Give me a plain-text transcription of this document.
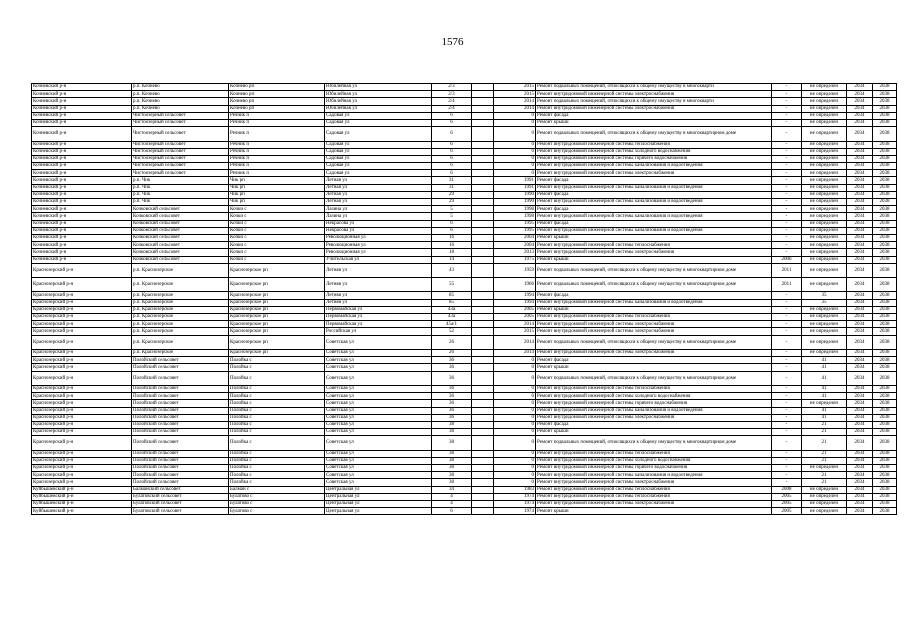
1576
Кочневский р-н	р.п. Кочнево	Кочнево рп	Юбилейная ул	2/3		2015	Ремонт подвальных помещений, относящихся к общему имуществу в многокварти	-	не определен	2034	2038
Кочневский р-н	р.п. Кочнево	Кочнево рп	Юбилейная ул	2/3		2015	Ремонт внутридомовой инженерной системы электроснабжения	-	не определен	2034	2038
Кочневский р-н	р.п. Кочнево	Кочнево рп	Юбилейная ул	2/4		2014	Ремонт подвальных помещений, относящихся к общему имуществу в многокварти	-	не определен	2034	2038
Кочневский р-н	р.п. Кочнево	Кочнево рп	Юбилейная ул	2/4		2014	Ремонт внутридомовой инженерной системы электроснабжения	-	не определен	2034	2038
Кочневский р-н	Чистоозерный сельсовет	Речник п	Садовая ул	6		0	Ремонт фасада	-	не определен	2034	2038
Кочневский р-н	Чистоозерный сельсовет	Речник п	Садовая ул	6		0	Ремонт крыши	-	не определен	2034	2038
Кочневский р-н	Чистоозерный сельсовет	Речник п	Садовая ул	6		0	Ремонт подвальных помещений, относящихся к общему имуществу в многоквартирном доме	-	не определен	2034	2038
Кочневский р-н	Чистоозерный сельсовет	Речник п	Садовая ул	6		0	Ремонт внутридомовой инженерной системы теплоснабжения	-	не определен	2034	2038
Кочневский р-н	Чистоозерный сельсовет	Речник п	Садовая ул	6		0	Ремонт внутридомовой инженерной системы холодного водоснабжения	-	не определен	2034	2038
Кочневский р-н	Чистоозерный сельсовет	Речник п	Садовая ул	6		0	Ремонт внутридомовой инженерной системы горячего водоснабжения	-	не определен	2034	2038
Кочневский р-н	Чистоозерный сельсовет	Речник п	Садовая ул	6		0	Ремонт внутридомовой инженерной системы канализования и водоотведения	-	не определен	2034	2038
Кочневский р-н	Чистоозерный сельсовет	Речник п	Садовая ул	6		0	Ремонт внутридомовой инженерной системы электроснабжения	-	не определен	2034	2038
Кочневский р-н	р.п. Чик	Чик рп	Летная ул	31		1991	Ремонт фасада	-	не определен	2034	2038
Кочневский р-н	р.п. Чик	Чик рп	Летная ул	31		1991	Ремонт внутридомовой инженерной системы канализования и водоотведения	-	не определен	2034	2038
Кочневский р-н	р.п. Чик	Чик рп	Летная ул	29		1990	Ремонт фасада	-	не определен	2034	2038
Кочневский р-н	р.п. Чик	Чик рп	Летная ул	29		1990	Ремонт внутридомовой инженерной системы канализования и водоотведения	-	не определен	2034	2038
Кочневский р-н	Кочковский сельсовет	Кочки с	Лазина ул	5		1998	Ремонт фасада	-	не определен	2034	2038
Кочневский р-н	Кочковский сельсовет	Кочки с	Лазина ул	5		1998	Ремонт внутридомовой инженерной системы канализования и водоотведения	-	не определен	2034	2038
Кочневский р-н	Кочковский сельсовет	Кочки с	Некрасова ул	6		1995	Ремонт фасада	-	не определен	2034	2038
Кочневский р-н	Кочковский сельсовет	Кочки с	Некрасова ул	6		1995	Ремонт внутридомовой инженерной системы канализования и водоотведения	-	не определен	2034	2038
Кочневский р-н	Кочковский сельсовет	Кочки с	Революционная ул	16		2004	Ремонт крыши	-	не определен	2034	2038
Кочневский р-н	Кочковский сельсовет	Кочки с	Революционная ул	16		2004	Ремонт внутридомовой инженерной системы теплоснабжения	-	не определен	2034	2038
Кочневский р-н	Кочковский сельсовет	Кочки с	Революционная ул	18		2013	Ремонт внутридомовой инженерной системы электроснабжения	-	не определен	2034	2038
Кочневский р-н	Кочковский сельсовет	Кочки с	Учительская ул	14		1975	Ремонт крыши	2006	не определен	2034	2038
Краснозерский р-н	р.п. Краснозерское	Краснозерское рп	Летняя ул	43		1959	Ремонт подвальных помещений, относящихся к общему имуществу в многоквартирном доме	2011	не определен	2034	2038
Краснозерский р-н	р.п. Краснозерское	Краснозерское рп	Летняя ул	55		1966	Ремонт подвальных помещений, относящихся к общему имуществу в многоквартирном доме	2011	не определен	2034	2038
Краснозерский р-н	р.п. Краснозерское	Краснозерское рп	Летняя ул	85		1994	Ремонт фасада	-	35	2034	2038
Краснозерский р-н	р.п. Краснозерское	Краснозерское рп	Летняя ул	85		1994	Ремонт внутридомовой инженерной системы канализования и водоотведения	-	35	2034	2038
Краснозерский р-н	р.п. Краснозерское	Краснозерское рп	Первомайская ул	43а		2005	Ремонт крыши	-	не определен	2034	2038
Краснозерский р-н	р.п. Краснозерское	Краснозерское рп	Первомайская ул	43а		2005	Ремонт внутридомовой инженерной системы теплоснабжения	-	не определен	2034	2038
Краснозерский р-н	р.п. Краснозерское	Краснозерское рп	Первомайская ул	45а/1		2014	Ремонт внутридомовой инженерной системы электроснабжения	-	не определен	2034	2038
Краснозерский р-н	р.п. Краснозерское	Краснозерское рп	Российская ул	52		2015	Ремонт внутридомовой инженерной системы электроснабжения	-	не определен	2034	2038
Краснозерский р-н	р.п. Краснозерское	Краснозерское рп	Советская ул	26		2014	Ремонт подвальных помещений, относящихся к общему имуществу в многоквартирном доме	-	не определен	2034	2038
Краснозерский р-н	р.п. Краснозерское	Краснозерское рп	Советская ул	26		2014	Ремонт внутридомовой инженерной системы электроснабжения	-	не определен	2034	2038
Краснозерский р-н	Полойский сельсовет	Полойка с	Советская ул	36		0	Ремонт фасада	-	41	2034	2038
Краснозерский р-н	Полойский сельсовет	Полойка с	Советская ул	36		0	Ремонт крыши	-	41	2034	2038
Краснозерский р-н	Полойский сельсовет	Полойка с	Советская ул	36		0	Ремонт подвальных помещений, относящихся к общему имуществу в многоквартирном доме	-	41	2034	2038
Краснозерский р-н	Полойский сельсовет	Полойка с	Советская ул	36		0	Ремонт внутридомовой инженерной системы теплоснабжения	-	41	2034	2038
Краснозерский р-н	Полойский сельсовет	Полойка с	Советская ул	36		0	Ремонт внутридомовой инженерной системы холодного водоснабжения	-	41	2034	2038
Краснозерский р-н	Полойский сельсовет	Полойка с	Советская ул	36		0	Ремонт внутридомовой инженерной системы горячего водоснабжения	-	не определен	2034	2038
Краснозерский р-н	Полойский сельсовет	Полойка с	Советская ул	36		0	Ремонт внутридомовой инженерной системы канализования и водоотведения	-	41	2034	2038
Краснозерский р-н	Полойский сельсовет	Полойка с	Советская ул	36		0	Ремонт внутридомовой инженерной системы электроснабжения	-	41	2034	2038
Краснозерский р-н	Полойский сельсовет	Полойка с	Советская ул	38		0	Ремонт фасада	-	21	2034	2038
Краснозерский р-н	Полойский сельсовет	Полойка с	Советская ул	38		0	Ремонт крыши	-	21	2034	2038
Краснозерский р-н	Полойский сельсовет	Полойка с	Советская ул	38		0	Ремонт подвальных помещений, относящихся к общему имуществу в многоквартирном доме	-	21	2034	2038
Краснозерский р-н	Полойский сельсовет	Полойка с	Советская ул	38		0	Ремонт внутридомовой инженерной системы теплоснабжения	-	21	2034	2038
Краснозерский р-н	Полойский сельсовет	Полойка с	Советская ул	38		0	Ремонт внутридомовой инженерной системы холодного водоснабжения	-	21	2034	2038
Краснозерский р-н	Полойский сельсовет	Полойка с	Советская ул	38		0	Ремонт внутридомовой инженерной системы горячего водоснабжения	-	не определен	2034	2038
Краснозерский р-н	Полойский сельсовет	Полойка с	Советская ул	38		0	Ремонт внутридомовой инженерной системы канализования и водоотведения	-	21	2034	2038
Краснозерский р-н	Полойский сельсовет	Полойка с	Советская ул	38		0	Ремонт внутридомовой инженерной системы электроснабжения	-	21	2034	2038
Куйбышевский р-н	Балманский сельсовет	Балман с	Центральная ул	34		1983	Ремонт внутридомовой инженерной системы теплоснабжения	2008	не определен	2034	2038
Куйбышевский р-н	Булатовский сельсовет	Булатово с	Центральная ул	4		1974	Ремонт внутридомовой инженерной системы теплоснабжения	2005	не определен	2034	2038
Куйбышевский р-н	Булатовский сельсовет	Булатово с	Центральная ул	4		1974	Ремонт внутридомовой инженерной системы электроснабжения	2005	не определен	2034	2038
Куйбышевский р-н	Булатовский сельсовет	Булатово с	Центральная ул	6		1974	Ремонт крыши	2005	не определен	2034	2038
